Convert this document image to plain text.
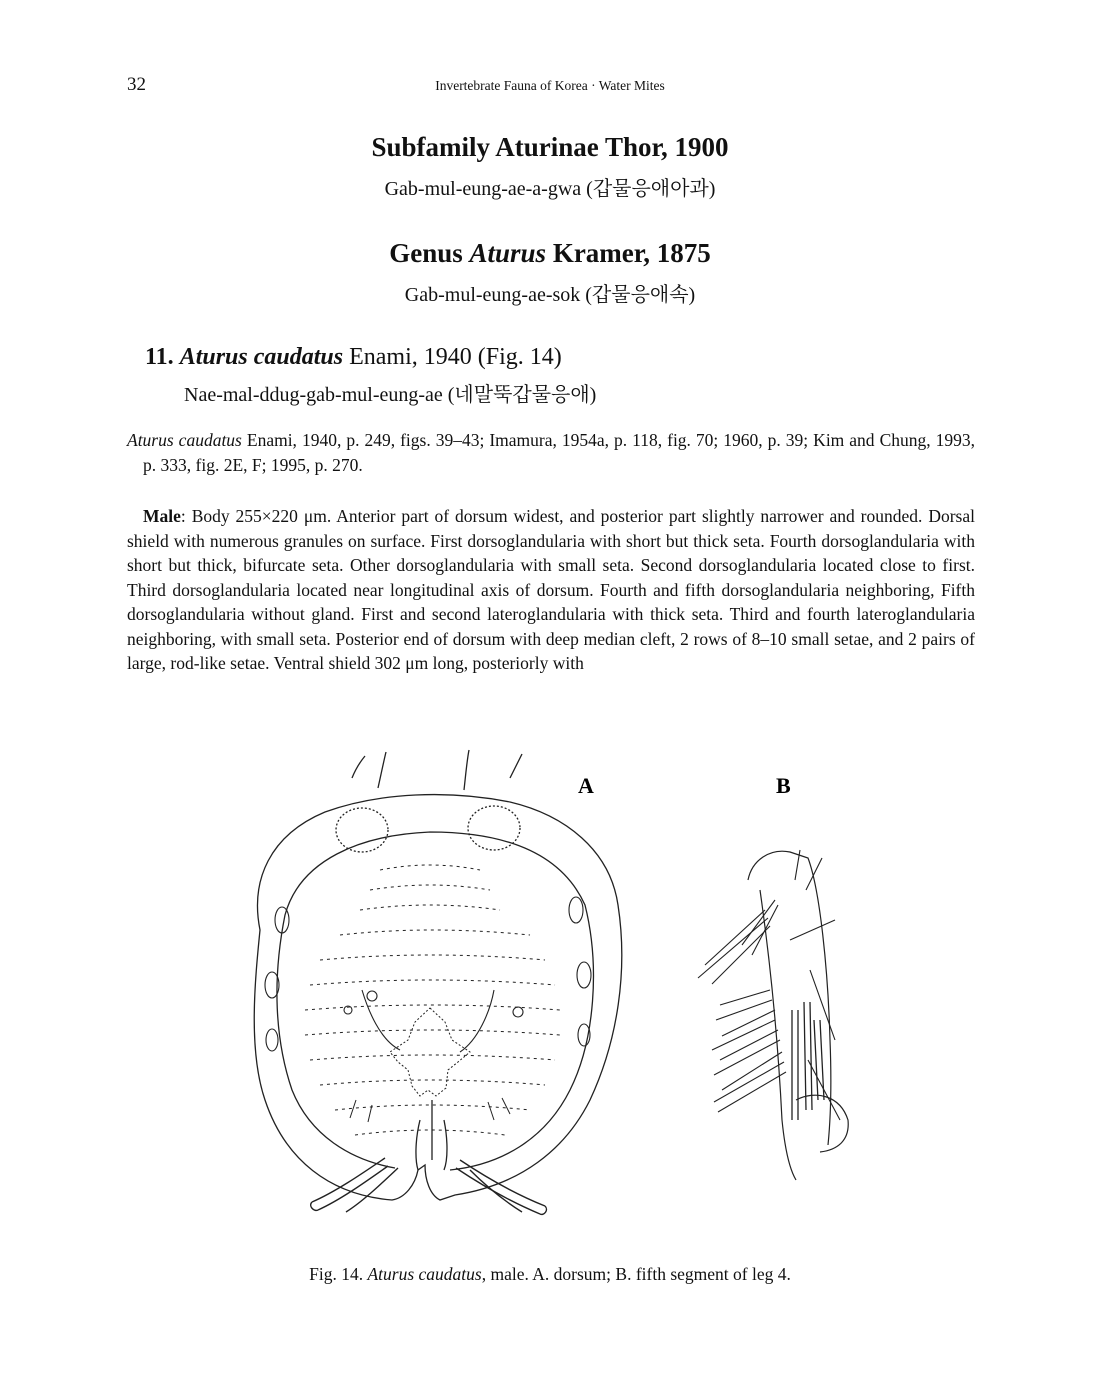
32	Invertebrate Fauna of Korea · Water Mites
Subfamily Aturinae Thor, 1900
Gab-mul-eung-ae-a-gwa (갑물응애아과)
Genus Aturus Kramer, 1875
Gab-mul-eung-ae-sok (갑물응애속)
11. Aturus caudatus Enami, 1940 (Fig. 14)
Nae-mal-ddug-gab-mul-eung-ae (네말뚝갑물응애)
Aturus caudatus Enami, 1940, p. 249, figs. 39–43; Imamura, 1954a, p. 118, fig. 70; 1960, p. 39; Kim and Chung, 1993, p. 333, fig. 2E, F; 1995, p. 270.
Male: Body 255×220 μm. Anterior part of dorsum widest, and posterior part slightly narrower and rounded. Dorsal shield with numerous granules on surface. First dorsoglandularia with short but thick seta. Fourth dorsoglandularia with short but thick, bifurcate seta. Other dorsoglandularia with small seta. Second dorsoglandularia located close to first. Third dorsoglandularia located near longitudinal axis of dorsum. Fourth and fifth dorsoglandularia neighboring, Fifth dorsoglandularia without gland. First and second lateroglandularia with thick seta. Third and fourth lateroglandularia neighboring, with small seta. Posterior end of dorsum with deep median cleft, 2 rows of 8–10 small setae, and 2 pairs of large, rod-like setae. Ventral shield 302 μm long, posteriorly with
A	B
Fig. 14. Aturus caudatus, male. A. dorsum; B. fifth segment of leg 4.
